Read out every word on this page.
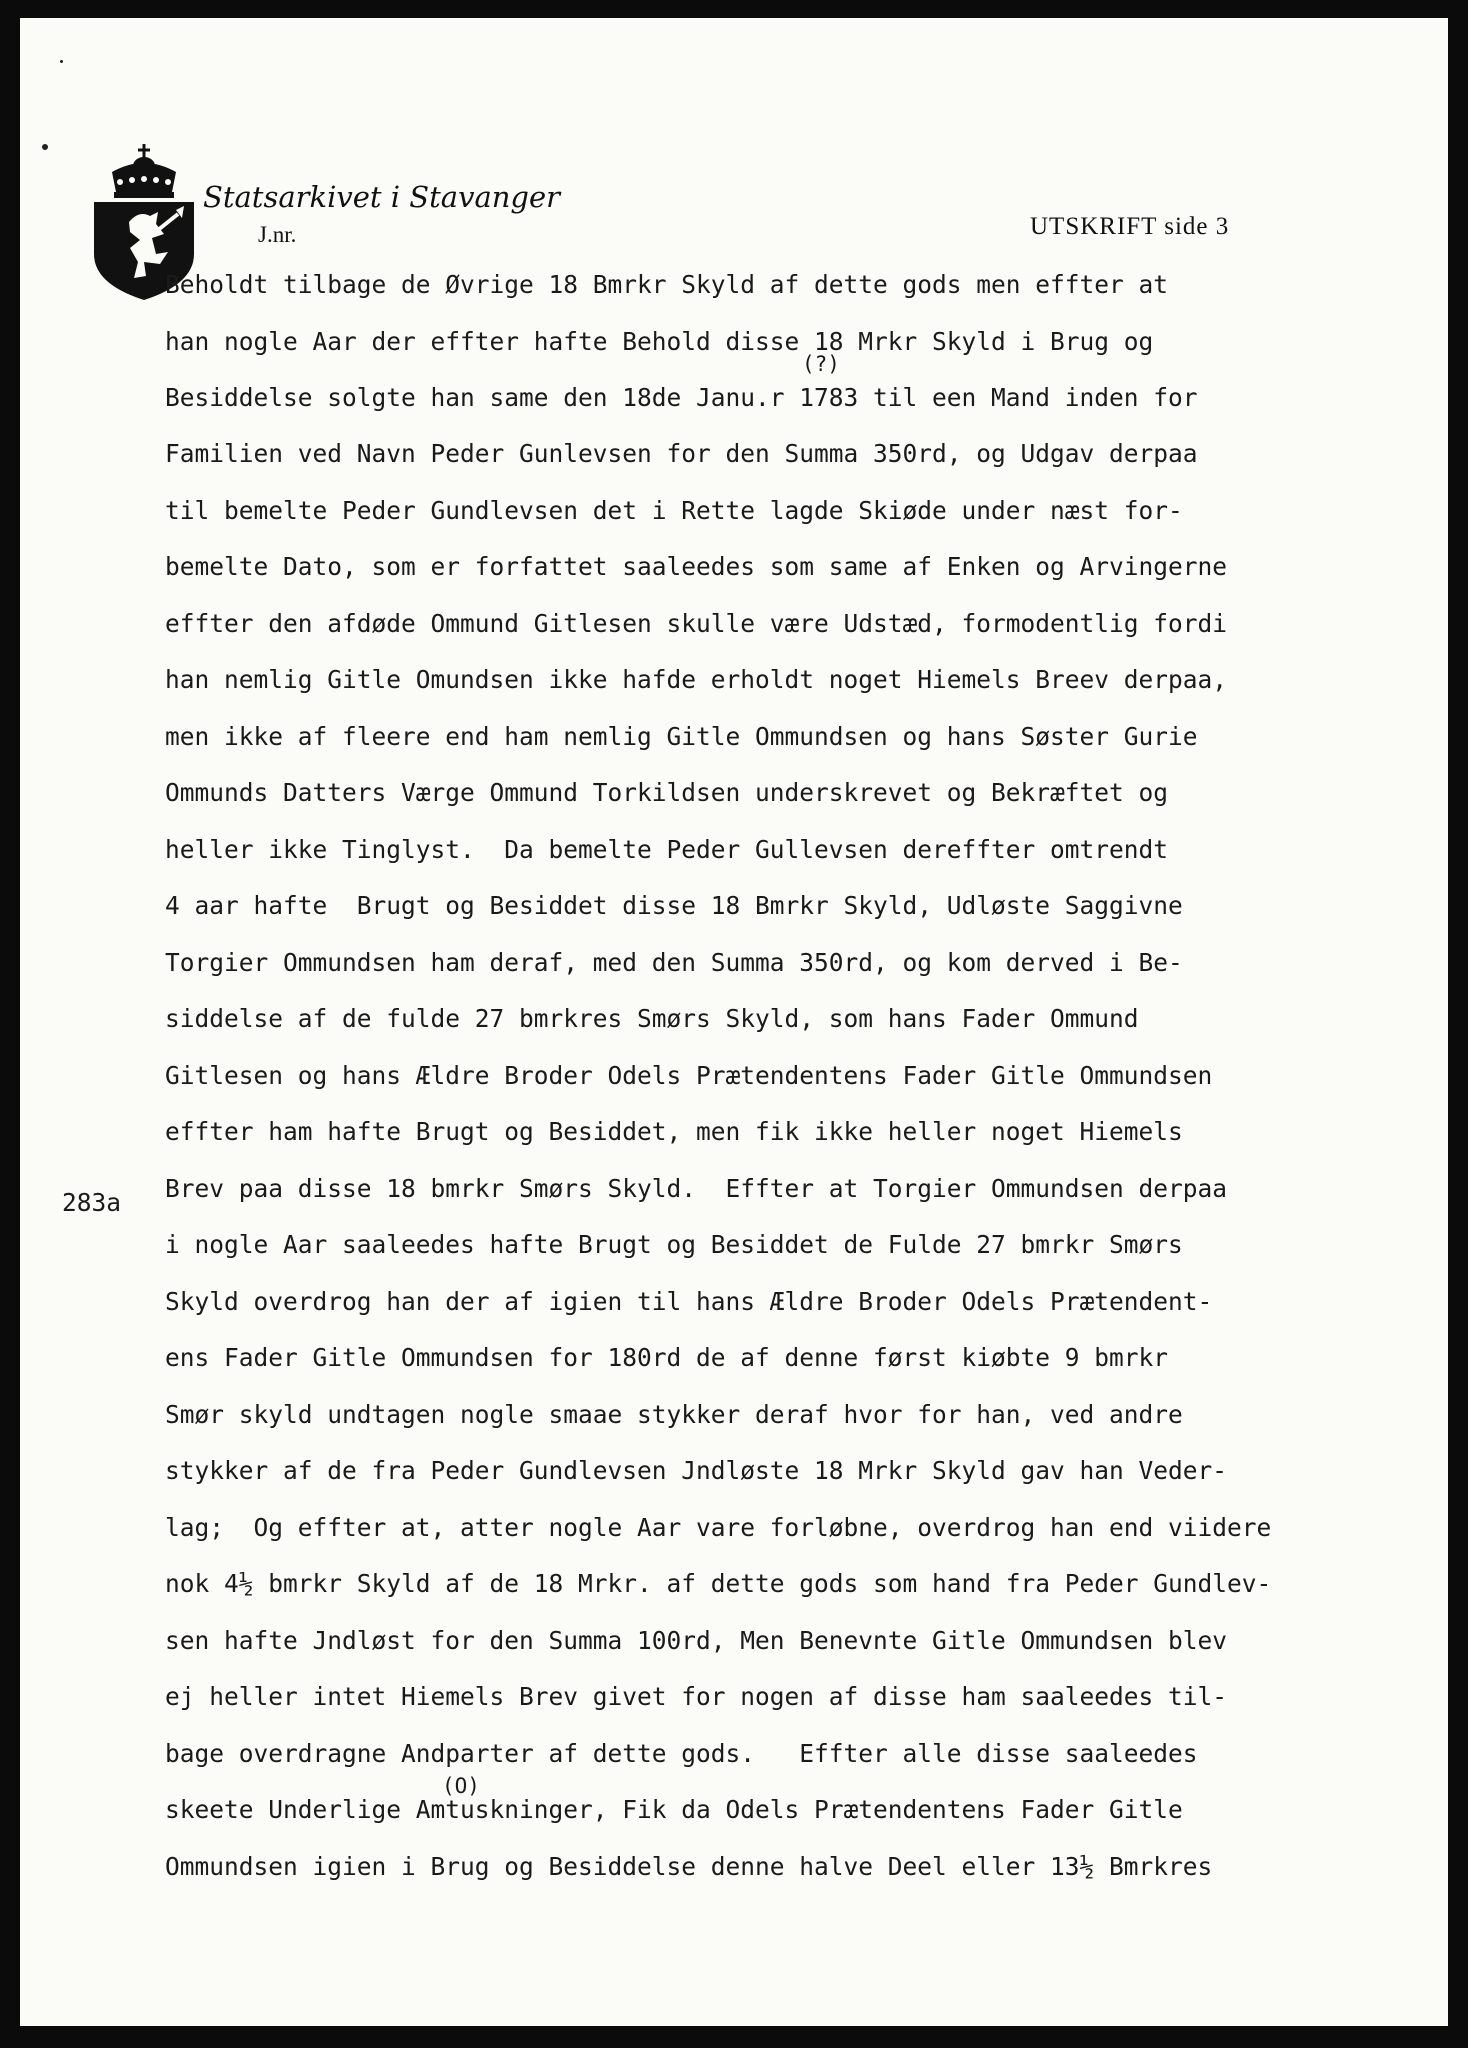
Statsarkivet i Stavanger
J.nr.	UTSKRIFT side 3
(?)
(O)
283a
Beholdt tilbage de Øvrige 18 Bmrkr Skyld af dette gods men effter at
han nogle Aar der effter hafte Behold disse 18 Mrkr Skyld i Brug og
Besiddelse solgte han same den 18de Janu.r 1783 til een Mand inden for
Familien ved Navn Peder Gunlevsen for den Summa 350rd, og Udgav derpaa
til bemelte Peder Gundlevsen det i Rette lagde Skiøde under næst for-
bemelte Dato, som er forfattet saaleedes som same af Enken og Arvingerne
effter den afdøde Ommund Gitlesen skulle være Udstæd, formodentlig fordi
han nemlig Gitle Omundsen ikke hafde erholdt noget Hiemels Breev derpaa,
men ikke af fleere end ham nemlig Gitle Ommundsen og hans Søster Gurie
Ommunds Datters Værge Ommund Torkildsen underskrevet og Bekræftet og
heller ikke Tinglyst.  Da bemelte Peder Gullevsen dereffter omtrendt
4 aar hafte  Brugt og Besiddet disse 18 Bmrkr Skyld, Udløste Saggivne
Torgier Ommundsen ham deraf, med den Summa 350rd, og kom derved i Be-
siddelse af de fulde 27 bmrkres Smørs Skyld, som hans Fader Ommund
Gitlesen og hans Ældre Broder Odels Prætendentens Fader Gitle Ommundsen
effter ham hafte Brugt og Besiddet, men fik ikke heller noget Hiemels
Brev paa disse 18 bmrkr Smørs Skyld.  Effter at Torgier Ommundsen derpaa
i nogle Aar saaleedes hafte Brugt og Besiddet de Fulde 27 bmrkr Smørs
Skyld overdrog han der af igien til hans Ældre Broder Odels Prætendent-
ens Fader Gitle Ommundsen for 180rd de af denne først kiøbte 9 bmrkr
Smør skyld undtagen nogle smaae stykker deraf hvor for han, ved andre
stykker af de fra Peder Gundlevsen Jndløste 18 Mrkr Skyld gav han Veder-
lag;  Og effter at, atter nogle Aar vare forløbne, overdrog han end viidere
nok 4½ bmrkr Skyld af de 18 Mrkr. af dette gods som hand fra Peder Gundlev-
sen hafte Jndløst for den Summa 100rd, Men Benevnte Gitle Ommundsen blev
ej heller intet Hiemels Brev givet for nogen af disse ham saaleedes til-
bage overdragne Andparter af dette gods.   Effter alle disse saaleedes
skeete Underlige Amtuskninger, Fik da Odels Prætendentens Fader Gitle
Ommundsen igien i Brug og Besiddelse denne halve Deel eller 13½ Bmrkres
